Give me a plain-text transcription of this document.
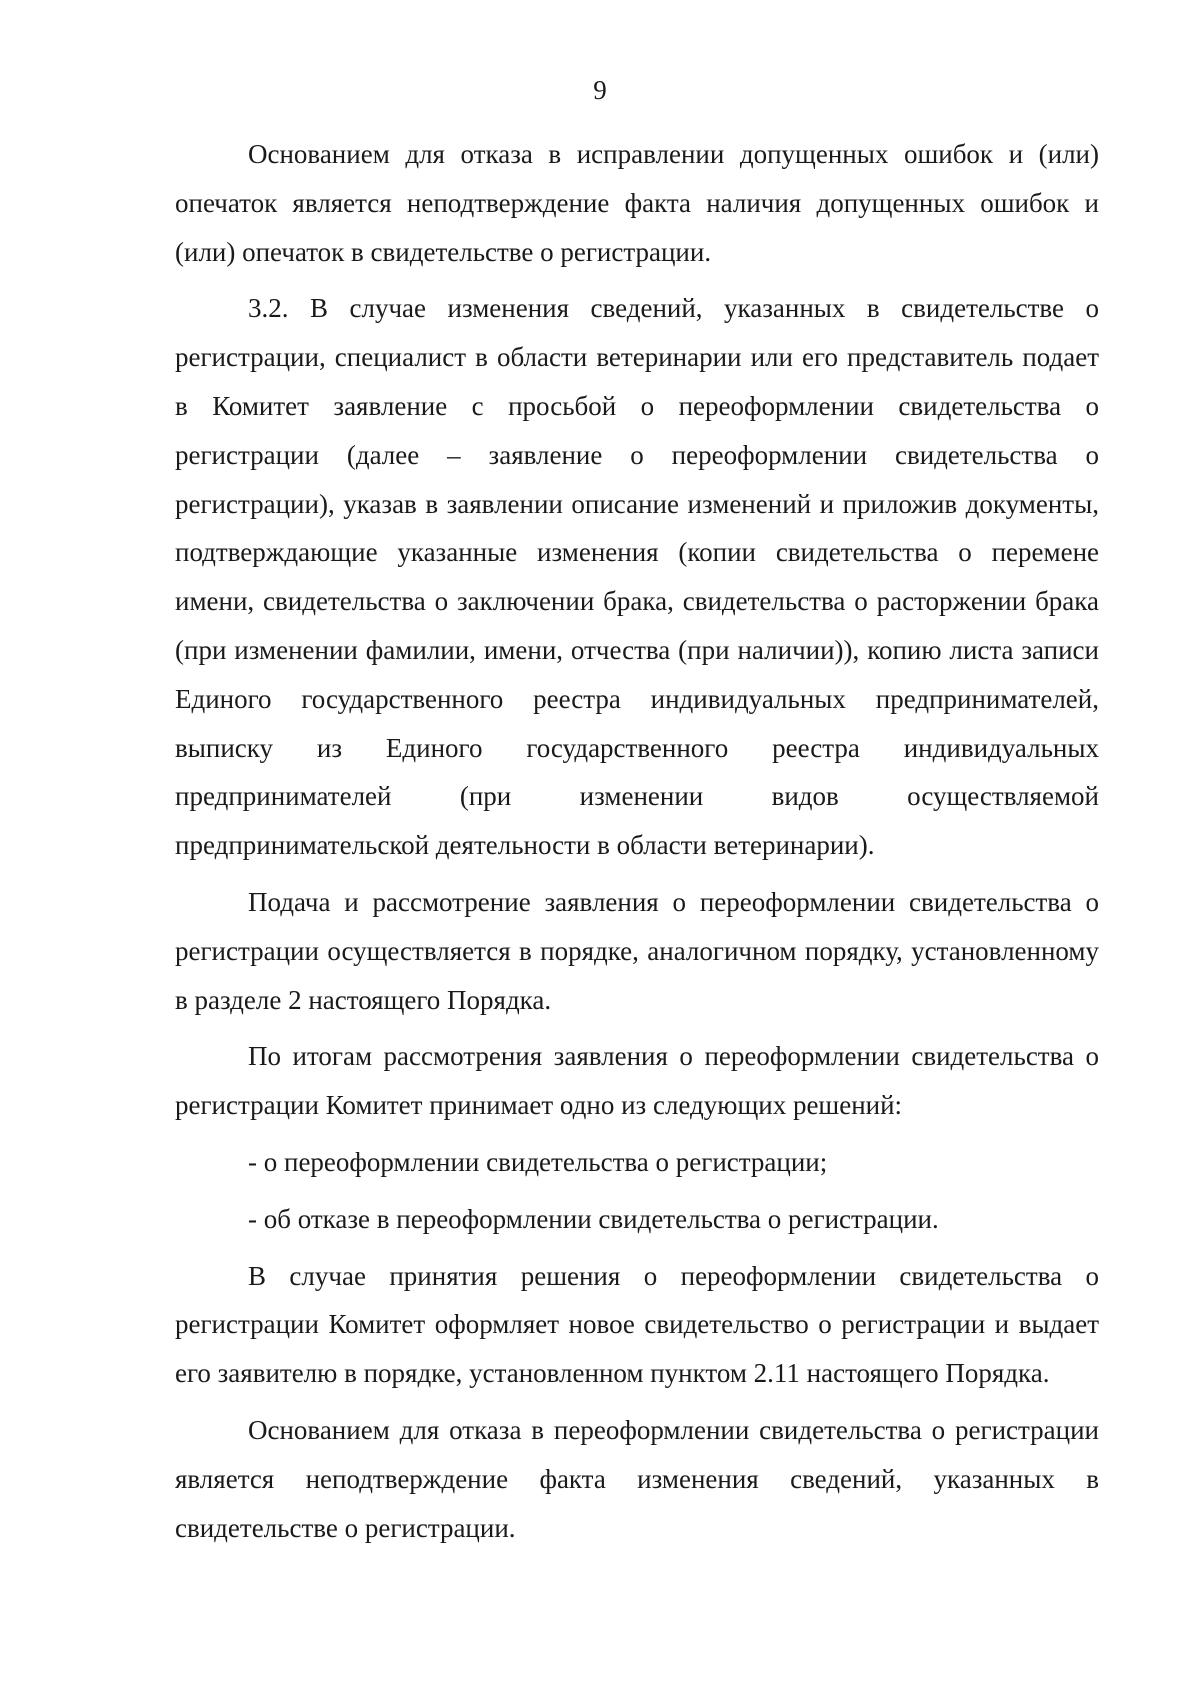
9

Основанием для отказа в исправлении допущенных ошибок и (или) опечаток является неподтверждение факта наличия допущенных ошибок и (или) опечаток в свидетельстве о регистрации.

3.2. В случае изменения сведений, указанных в свидетельстве о регистрации, специалист в области ветеринарии или его представитель подает в Комитет заявление с просьбой о переоформлении свидетельства о регистрации (далее – заявление о переоформлении свидетельства о регистрации), указав в заявлении описание изменений и приложив документы, подтверждающие указанные изменения (копии свидетельства о перемене имени, свидетельства о заключении брака, свидетельства о расторжении брака (при изменении фамилии, имени, отчества (при наличии)), копию листа записи Единого государственного реестра индивидуальных предпринимателей, выписку из Единого государственного реестра индивидуальных предпринимателей (при изменении видов осуществляемой предпринимательской деятельности в области ветеринарии).

Подача и рассмотрение заявления о переоформлении свидетельства о регистрации осуществляется в порядке, аналогичном порядку, установленному в разделе 2 настоящего Порядка.

По итогам рассмотрения заявления о переоформлении свидетельства о регистрации Комитет принимает одно из следующих решений:

- о переоформлении свидетельства о регистрации;

- об отказе в переоформлении свидетельства о регистрации.

В случае принятия решения о переоформлении свидетельства о регистрации Комитет оформляет новое свидетельство о регистрации и выдает его заявителю в порядке, установленном пунктом 2.11 настоящего Порядка.

Основанием для отказа в переоформлении свидетельства о регистрации является неподтверждение факта изменения сведений, указанных в свидетельстве о регистрации.
